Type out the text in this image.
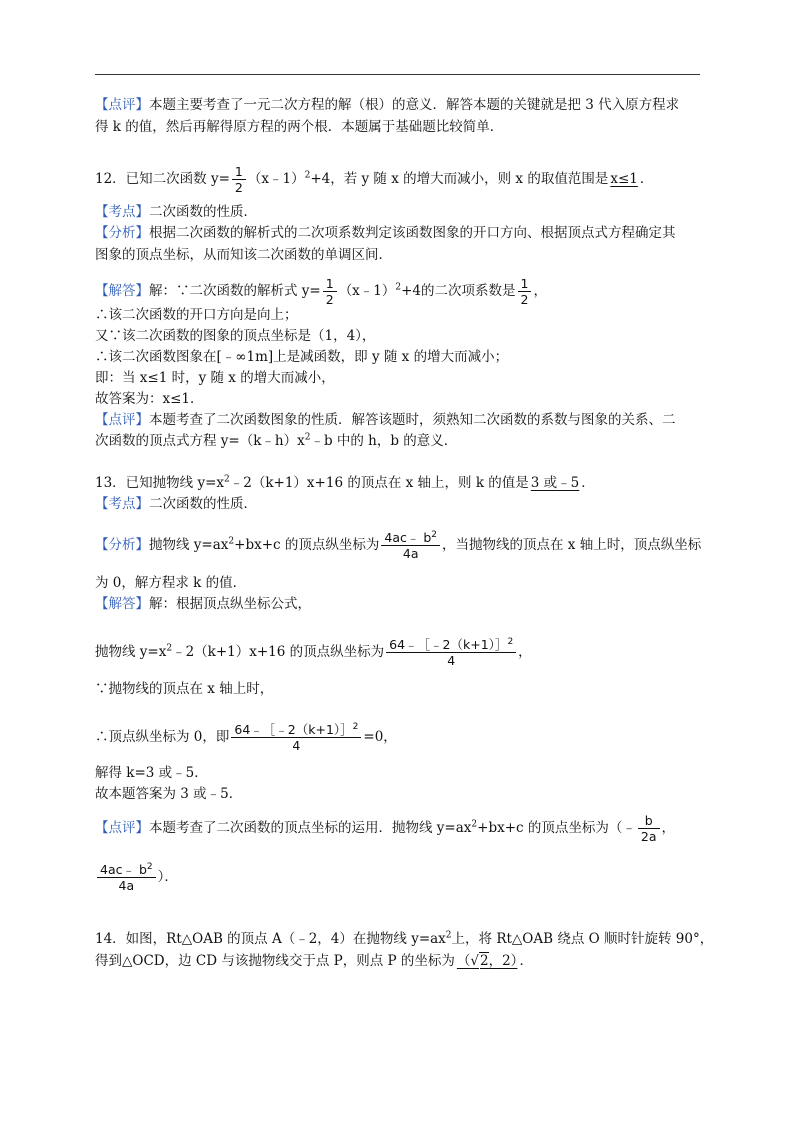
【点评】本题主要考查了一元二次方程的解（根）的意义．解答本题的关键就是把 3 代入原方程求
得 k 的值，然后再解得原方程的两个根．本题属于基础题比较简单．
12．已知二次函数 $y= \frac{1}{2}$ （x﹣1）$^2$+4，若 y 随 x 的增大而减小，则 x 的取值范围是 x≤1 ．
【考点】二次函数的性质．
【分析】根据二次函数的解析式的二次项系数判定该函数图象的开口方向、根据顶点式方程确定其
图象的顶点坐标，从而知该二次函数的单调区间．
【解答】解：∵二次函数的解析式 $y= \frac{1}{2}$ （x﹣1）$^2$+4的二次项系数是 $\frac{1}{2}$ ，
∴该二次函数的开口方向是向上；
又∵该二次函数的图象的顶点坐标是（1，4），
∴该二次函数图象在[﹣∞1m]上是减函数，即 y 随 x 的增大而减小；
即：当 x≤1 时，y 随 x 的增大而减小，
故答案为：x≤1．
【点评】本题考查了二次函数图象的性质．解答该题时，须熟知二次函数的系数与图象的关系、二
次函数的顶点式方程 $y=(k﹣h)x^2﹣b$ 中的 h，b 的意义．
13．已知抛物线 $y=x^2﹣2(k+1)x+16$ 的顶点在 x 轴上，则 k 的值是 3 或﹣5 ．
【考点】二次函数的性质．
【分析】抛物线 $y=ax^2+bx+c$ 的顶点纵坐标为 $\frac{4ac﹣ b^2}{4a}$ ，当抛物线的顶点在 x 轴上时，顶点纵坐标
为 0，解方程求 k 的值．
【解答】解：根据顶点纵坐标公式，
抛物线 $y=x^2﹣2(k+1)x+16$ 的顶点纵坐标为 $\frac{64﹣[﹣2(k+1)]^2}{4}$ ，
∵抛物线的顶点在 x 轴上时，
∴顶点纵坐标为 0，即 $\frac{64﹣[﹣2(k+1)]^2}{4} =0$，
解得 k=3 或﹣5．
故本题答案为 3 或﹣5．
【点评】本题考查了二次函数的顶点坐标的运用．抛物线 $y=ax^2+bx+c$ 的顶点坐标为（﹣ $\frac{b}{2a}$ ，
$\frac{4ac﹣ b^2}{4a}$ ）．
14．如图，Rt△OAB 的顶点 A（﹣2，4）在抛物线 $y=ax^2$上，将 Rt△OAB 绕点 O 顺时针旋转 90°，
得到△OCD，边 CD 与该抛物线交于点 P，则点 P 的坐标为 （√2，2） ．
